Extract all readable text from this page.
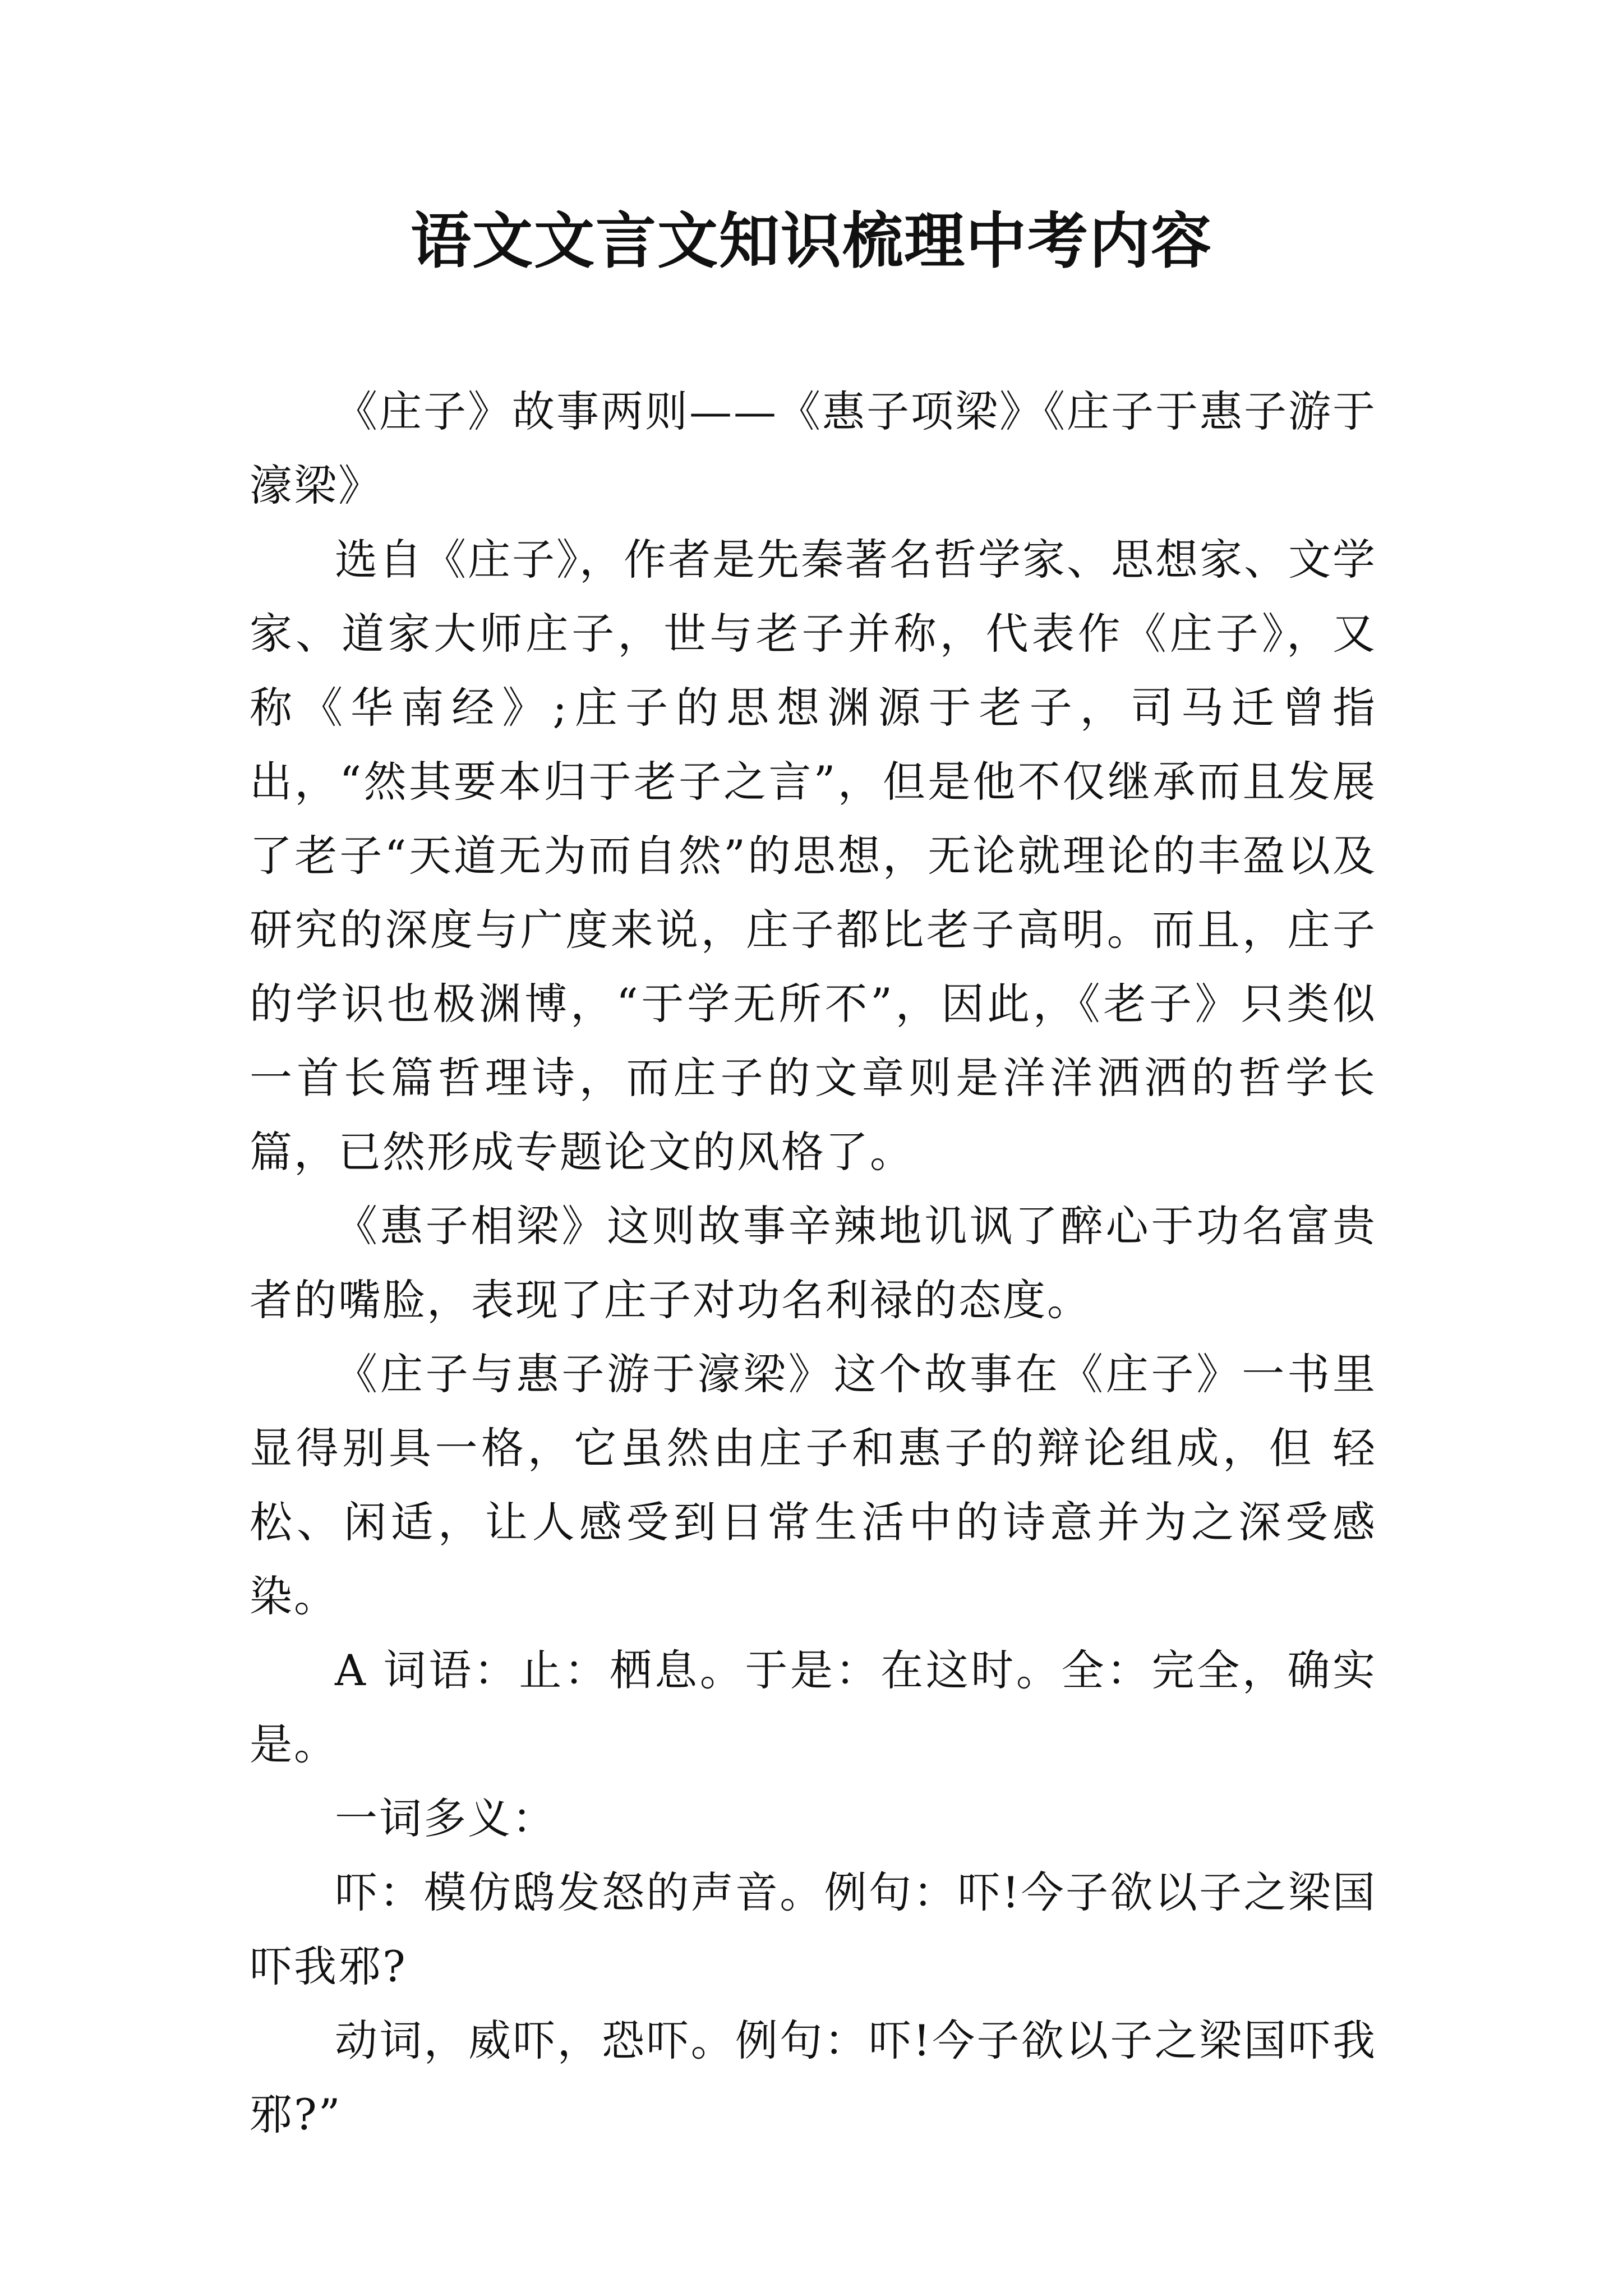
语文文言文知识梳理中考内容

《庄子》故事两则——《惠子项梁》《庄子于惠子游于濠梁》

选自《庄子》，作者是先秦著名哲学家、思想家、文学家、道家大师庄子，世与老子并称，代表作《庄子》，又称《华南经》;庄子的思想渊源于老子，司马迁曾指出，“然其要本归于老子之言”，但是他不仅继承而且发展了老子“天道无为而自然”的思想，无论就理论的丰盈以及研究的深度与广度来说，庄子都比老子高明。而且，庄子的学识也极渊博，“于学无所不”，因此，《老子》只类似一首长篇哲理诗，而庄子的文章则是洋洋洒洒的哲学长篇，已然形成专题论文的风格了。

《惠子相梁》这则故事辛辣地讥讽了醉心于功名富贵者的嘴脸，表现了庄子对功名利禄的态度。

《庄子与惠子游于濠梁》这个故事在《庄子》一书里显得别具一格，它虽然由庄子和惠子的辩论组成，但 轻松、闲适，让人感受到日常生活中的诗意并为之深受感染。

A 词语：止：栖息。于是：在这时。全：完全，确实是。

一词多义：

吓：模仿鸱发怒的声音。例句：吓!今子欲以子之梁国吓我邪?

动词，威吓，恐吓。例句：吓!今子欲以子之梁国吓我邪?”
